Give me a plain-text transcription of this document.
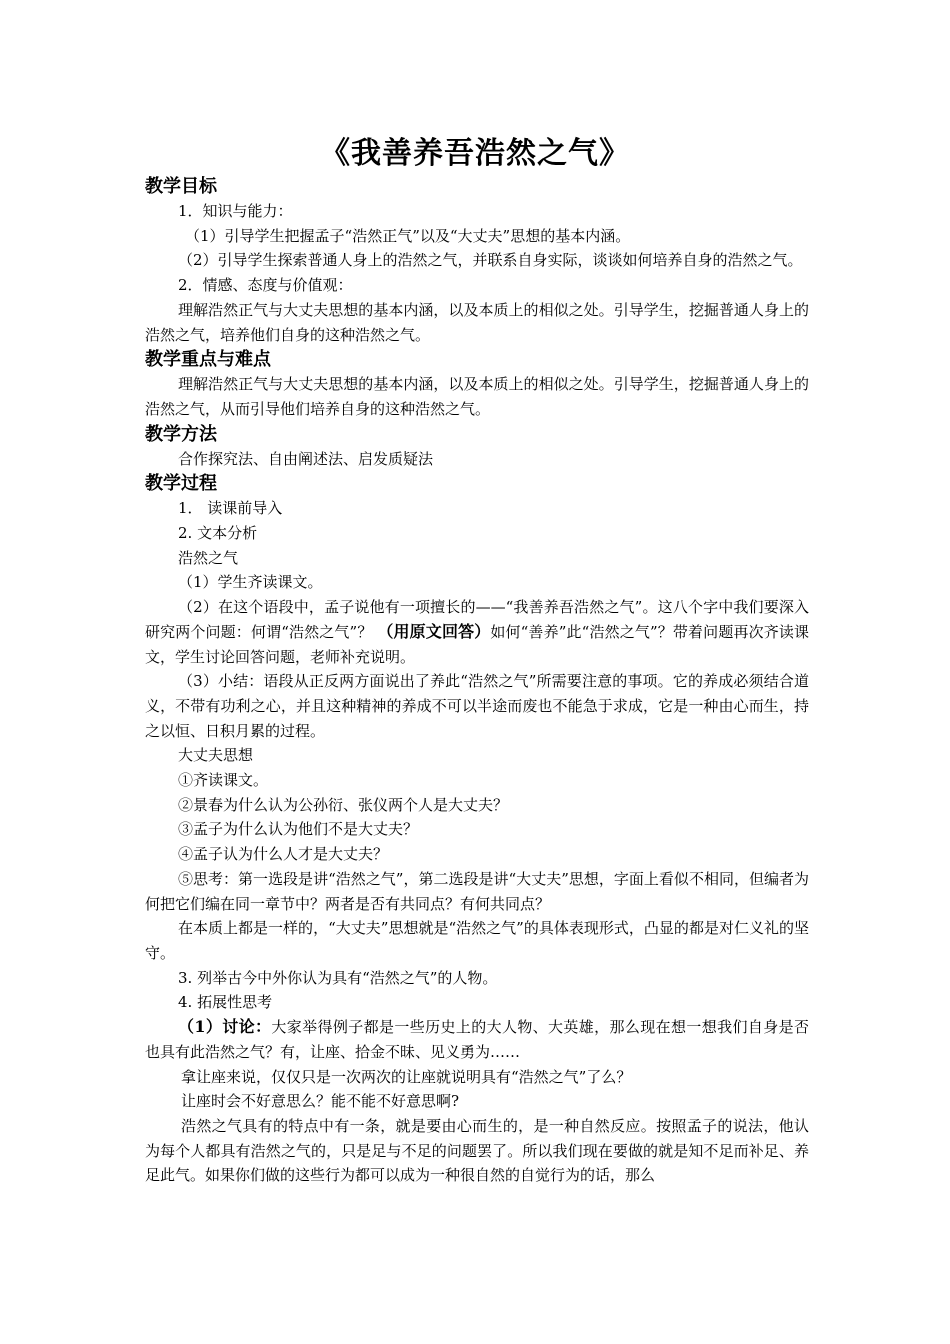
《我善养吾浩然之气》
教学目标

1．知识与能力：

（1）引导学生把握孟子“浩然正气”以及“大丈夫”思想的基本内涵。

（2）引导学生探索普通人身上的浩然之气，并联系自身实际，谈谈如何培养自身的浩然之气。

2．情感、态度与价值观：

理解浩然正气与大丈夫思想的基本内涵，以及本质上的相似之处。引导学生，挖掘普通人身上的浩然之气，培养他们自身的这种浩然之气。

教学重点与难点

理解浩然正气与大丈夫思想的基本内涵，以及本质上的相似之处。引导学生，挖掘普通人身上的浩然之气，从而引导他们培养自身的这种浩然之气。

教学方法

合作探究法、自由阐述法、启发质疑法

教学过程

1． 读课前导入

2. 文本分析

浩然之气

（1）学生齐读课文。

（2）在这个语段中，孟子说他有一项擅长的——“我善养吾浩然之气”。这八个字中我们要深入研究两个问题：何谓“浩然之气”？ （用原文回答）如何“善养”此“浩然之气”？带着问题再次齐读课文，学生讨论回答问题，老师补充说明。

（3）小结：语段从正反两方面说出了养此“浩然之气”所需要注意的事项。它的养成必须结合道义，不带有功利之心，并且这种精神的养成不可以半途而废也不能急于求成，它是一种由心而生，持之以恒、日积月累的过程。

大丈夫思想

①齐读课文。

②景春为什么认为公孙衍、张仪两个人是大丈夫？

③孟子为什么认为他们不是大丈夫？

④孟子认为什么人才是大丈夫？

⑤思考：第一选段是讲“浩然之气”，第二选段是讲“大丈夫”思想，字面上看似不相同，但编者为何把它们编在同一章节中？两者是否有共同点？有何共同点？

在本质上都是一样的，“大丈夫”思想就是“浩然之气”的具体表现形式，凸显的都是对仁义礼的坚守。

3. 列举古今中外你认为具有“浩然之气”的人物。

4. 拓展性思考

（1）讨论：大家举得例子都是一些历史上的大人物、大英雄，那么现在想一想我们自身是否也具有此浩然之气？有，让座、拾金不昧、见义勇为……

拿让座来说，仅仅只是一次两次的让座就说明具有“浩然之气”了么？

让座时会不好意思么？能不能不好意思啊?

浩然之气具有的特点中有一条，就是要由心而生的，是一种自然反应。按照孟子的说法，他认为每个人都具有浩然之气的，只是足与不足的问题罢了。所以我们现在要做的就是知不足而补足、养足此气。如果你们做的这些行为都可以成为一种很自然的自觉行为的话，那么
